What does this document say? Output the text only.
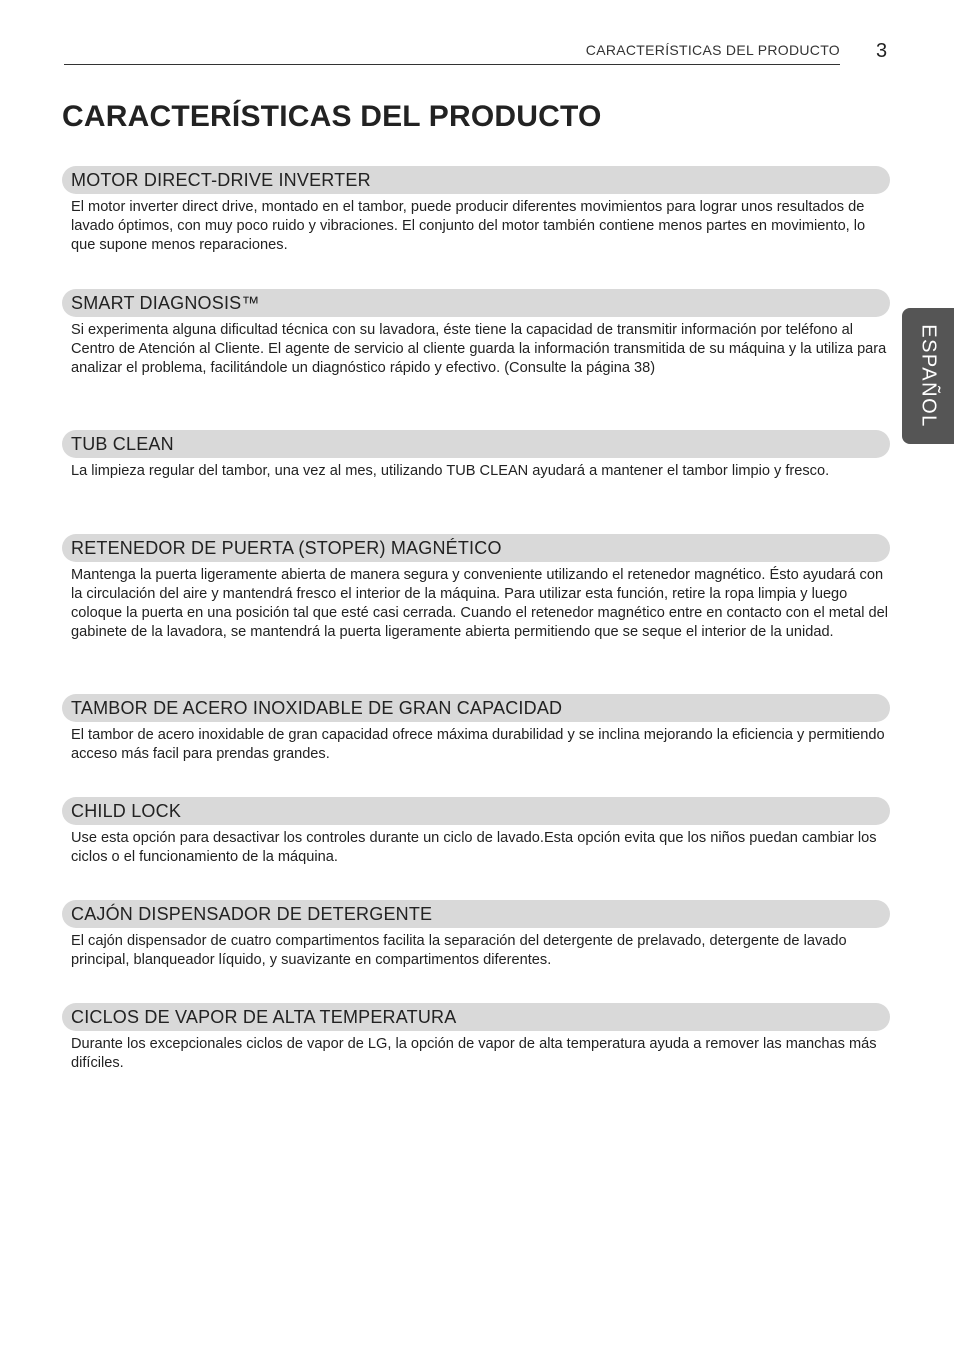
CARACTERÍSTICAS DEL PRODUCTO 3
CARACTERÍSTICAS DEL PRODUCTO
ESPAÑOL
MOTOR DIRECT-DRIVE INVERTER
El motor inverter direct drive, montado en el tambor, puede producir diferentes movimientos para lograr unos resultados de lavado óptimos, con muy poco ruido y vibraciones. El conjunto del motor también contiene menos partes en movimiento, lo que supone menos reparaciones.
SMART DIAGNOSIS™
Si experimenta alguna dificultad técnica con su lavadora, éste tiene la capacidad de transmitir información por teléfono al Centro de Atención al Cliente. El agente de servicio al cliente guarda la información transmitida de su máquina y la utiliza para analizar el problema, facilitándole un diagnóstico rápido y efectivo. (Consulte la página 38)
TUB CLEAN
La limpieza regular del tambor, una vez al mes, utilizando TUB CLEAN ayudará a mantener el tambor limpio y fresco.
RETENEDOR DE PUERTA (STOPER) MAGNÉTICO
Mantenga la puerta ligeramente abierta de manera segura y conveniente utilizando el retenedor magnético. Ésto ayudará con la circulación del aire y mantendrá fresco el interior de la máquina. Para utilizar esta función, retire la ropa limpia y luego coloque la puerta en una posición tal que esté casi cerrada. Cuando el retenedor magnético entre en contacto con el metal del gabinete de la lavadora, se mantendrá la puerta ligeramente abierta permitiendo que se seque el interior de la unidad.
TAMBOR DE ACERO INOXIDABLE DE GRAN CAPACIDAD
El tambor de acero inoxidable de gran capacidad ofrece máxima durabilidad y se inclina mejorando la eficiencia y permitiendo acceso más facil para prendas grandes.
CHILD LOCK
Use esta opción para desactivar los controles durante un ciclo de lavado.Esta opción evita que los niños puedan cambiar los ciclos o el funcionamiento de la máquina.
CAJÓN DISPENSADOR DE DETERGENTE
El cajón dispensador de cuatro compartimentos facilita la separación del detergente de prelavado, detergente de lavado principal, blanqueador líquido, y suavizante en compartimentos diferentes.
CICLOS DE VAPOR DE ALTA TEMPERATURA
Durante los excepcionales ciclos de vapor de LG, la opción de vapor de alta temperatura ayuda a remover las manchas más difíciles.
